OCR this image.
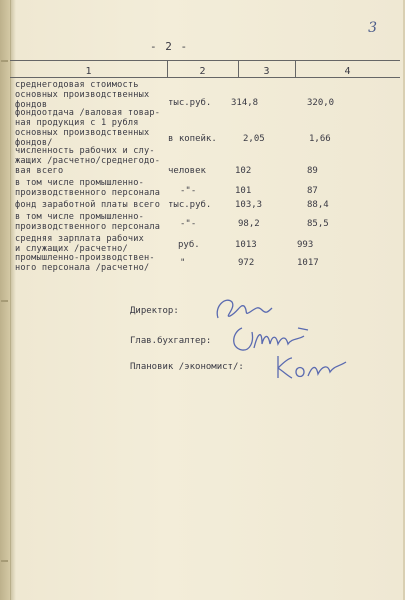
3
- 2 -
1	2	3	4
среднегодовая стоимость
основных производственных
фондов	тыс.руб. 314,8	320,0
фондоотдача /валовая товар-
ная продукция с 1 рубля
основных производственных
фондов/	в копейк.	2,05	1,66
численность рабочих и слу-
жащих /расчетно/среднегодо-
вая всего	человек	102	89
в том числе промышленно-
производственного персонала -"-	101	87
фонд заработной платы всего тыс.руб.	103,3	88,4
в том числе промышленно-
производственного персонала -"-	98,2	85,5
средняя зарплата рабочих
и служащих /расчетно/	руб.	1013	993
промышленно-производствен-
ного персонала /расчетно/	"	972	1017
Директор:
Глав.бухгалтер:
Плановик /экономист/:
